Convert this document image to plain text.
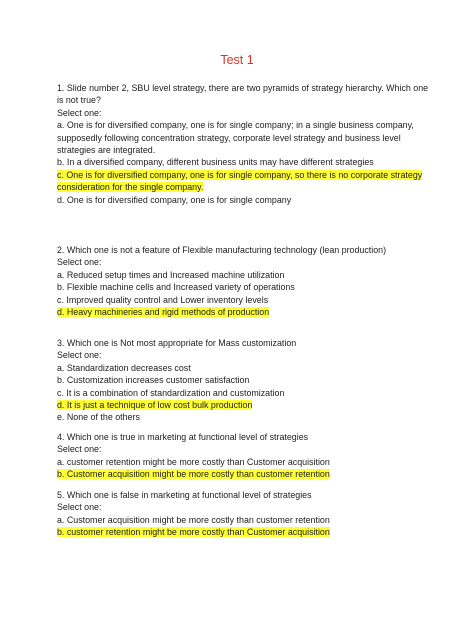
Test 1
1. Slide number 2, SBU level strategy, there are two pyramids of strategy hierarchy. Which one
is not true?
Select one:
a. One is for diversified company, one is for single company; in a single business company,
supposedly following concentration strategy, corporate level strategy and business level
strategies are integrated.
b. In a diversified company, different business units may have different strategies
c. One is for diversified company, one is for single company, so there is no corporate strategy
consideration for the single company.
d. One is for diversified company, one is for single company
2. Which one is not a feature of Flexible manufacturing technology (lean production)
Select one:
a. Reduced setup times and Increased machine utilization
b. Flexible machine cells and Increased variety of operations
c. Improved quality control and Lower inventory levels
d. Heavy machineries and rigid methods of production
3. Which one is Not most appropriate for Mass customization
Select one:
a. Standardization decreases cost
b. Customization increases customer satisfaction
c. It is a combination of standardization and customization
d. It is just a technique of low cost bulk production
e. None of the others
4. Which one is true in marketing at functional level of strategies
Select one:
a. customer retention might be more costly than Customer acquisition
b. Customer acquisition might be more costly than customer retention
5. Which one is false in marketing at functional level of strategies
Select one:
a. Customer acquisition might be more costly than customer retention
b. customer retention might be more costly than Customer acquisition
